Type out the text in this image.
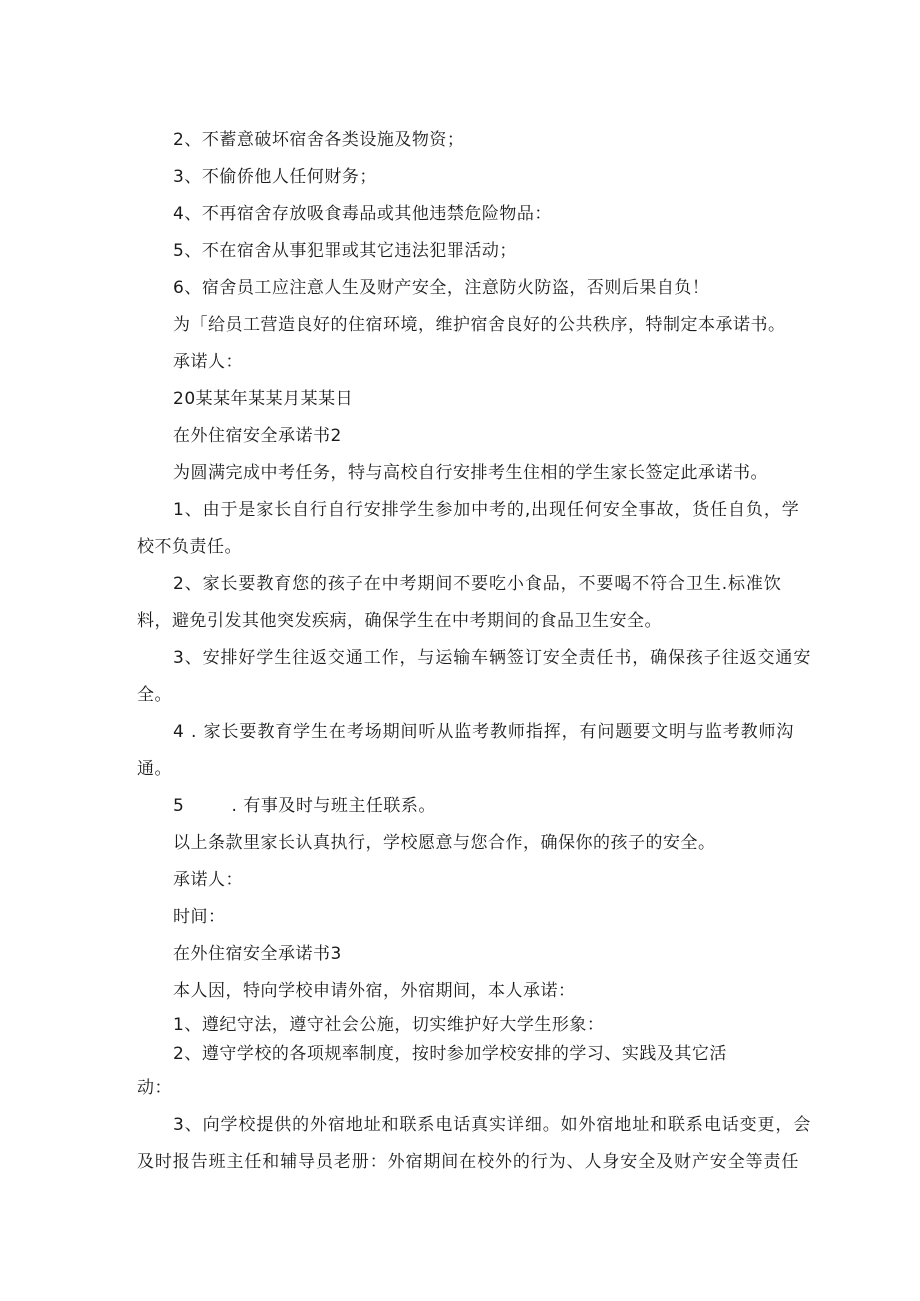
2、不蓄意破坏宿舍各类设施及物资；

3、不偷侨他人任何财务；

4、不再宿舍存放吸食毒品或其他违禁危险物品：

5、不在宿舍从事犯罪或其它违法犯罪活动；

6、宿舍员工应注意人生及财产安全，注意防火防盗，否则后果自负！

为「给员工营造良好的住宿环境，维护宿舍良好的公共秩序，特制定本承诺书。

承诺人：

20某某年某某月某某日

在外住宿安全承诺书2

为圆满完成中考任务，特与高校自行安排考生住相的学生家长签定此承诺书。

1、由于是家长自行自行安排学生参加中考的,出现任何安全事故，货任自负，学

校不负责任。

2、家长要教育您的孩子在中考期间不要吃小食品，不要喝不符合卫生.标准饮

料，避免引发其他突发疾病，确保学生在中考期间的食品卫生安全。

3、安排好学生往返交通工作，与运输车辆签订安全责任书，确保孩子往返交通安

全。

4 . 家长要教育学生在考场期间听从监考教师指挥，有问题要文明与监考教师沟

通。

5        . 有事及时与班主任联系。

以上条款里家长认真执行，学校愿意与您合作，确保你的孩子的安全。

承诺人：

时间：

在外住宿安全承诺书3

本人因，特向学校申请外宿，外宿期间，本人承诺：

1、遵纪守法，遵守社会公施，切实维护好大学生形象：

2、遵守学校的各项规率制度，按时参加学校安排的学习、实践及其它活

动：

3、向学校提供的外宿地址和联系电话真实详细。如外宿地址和联系电话变更，会

及时报告班主任和辅导员老册：外宿期间在校外的行为、人身安全及财产安全等责任
